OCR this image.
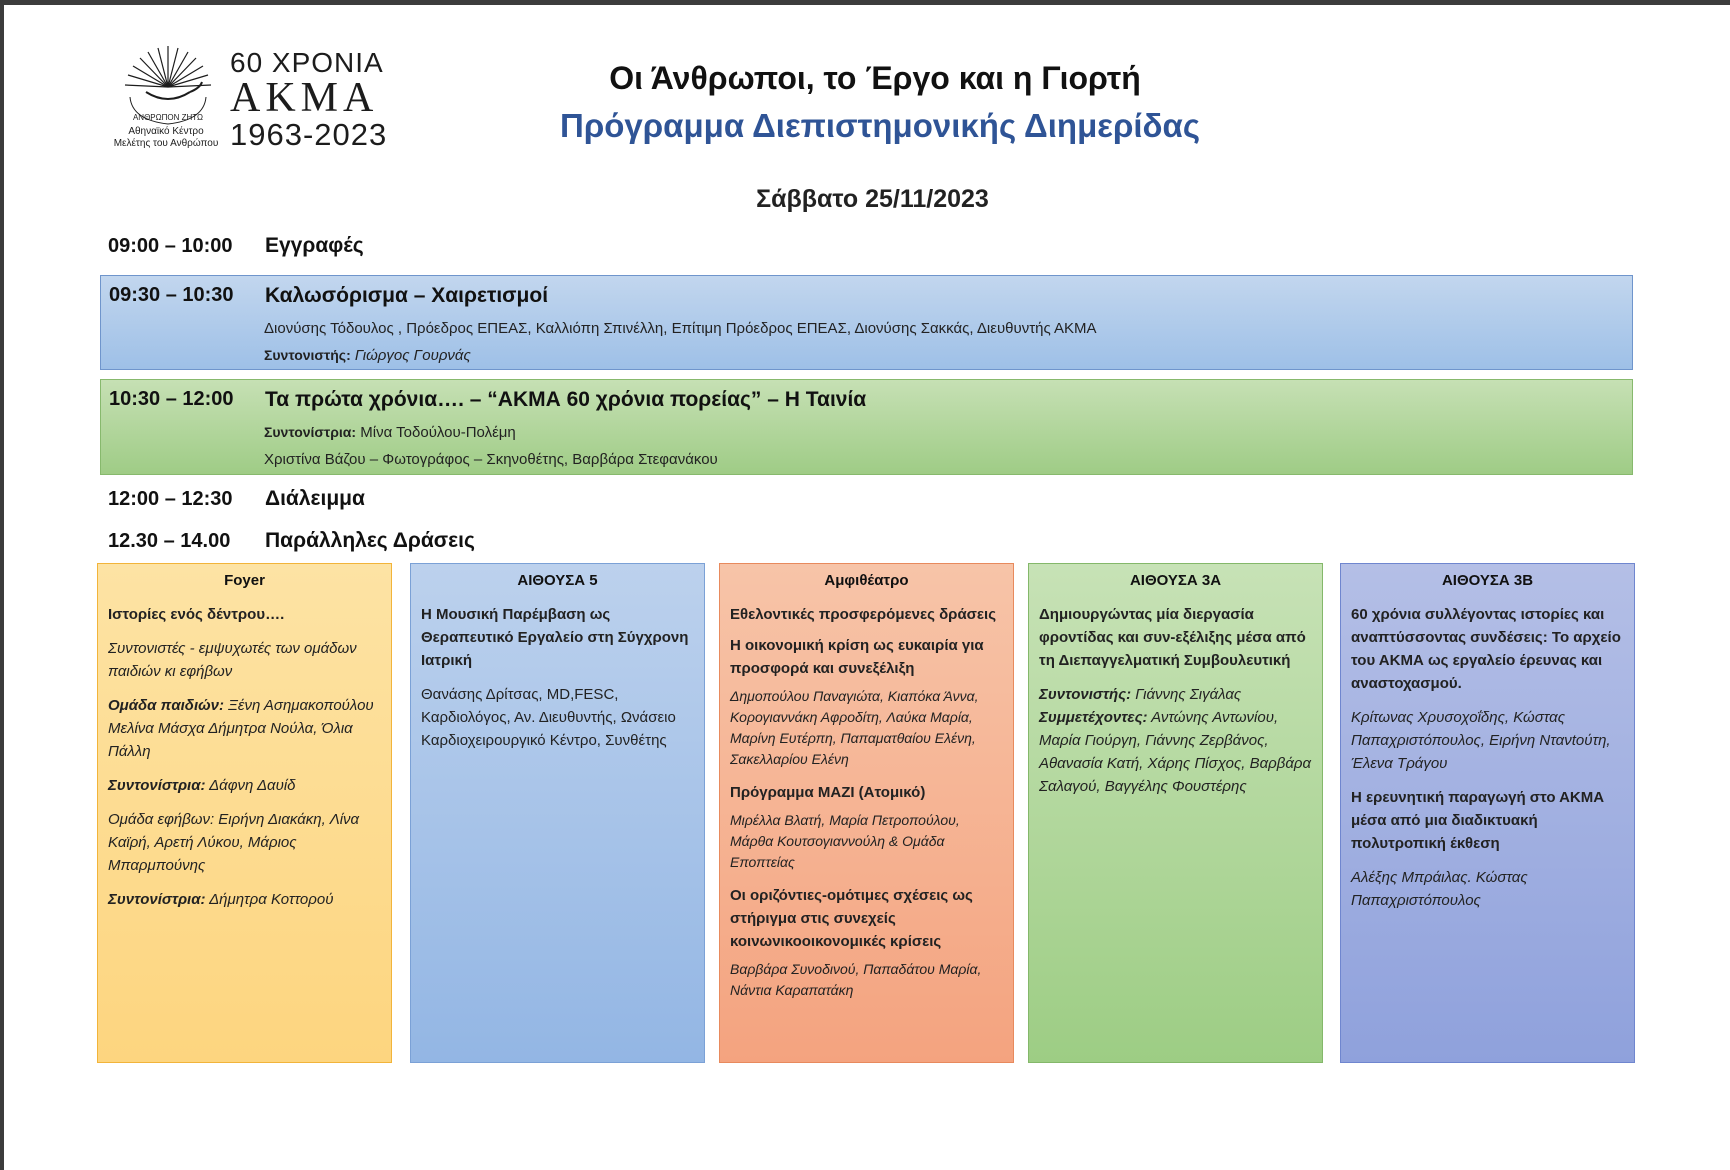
ΑΝΘΡΩΠΟΝ ΖΗΤΩ
Αθηναϊκό Κέντρο
Μελέτης του Ανθρώπου
60 ΧΡΟΝΙΑ
ΑΚΜΑ
1963-2023
Οι Άνθρωποι, το Έργο και η Γιορτή
Πρόγραμμα Διεπιστημονικής Διημερίδας
Σάββατο 25/11/2023
09:00 – 10:00 Εγγραφές
09:30 – 10:30 Καλωσόρισμα – Χαιρετισμοί
Διονύσης Τόδουλος , Πρόεδρος ΕΠΕΑΣ, Καλλιόπη Σπινέλλη, Επίτιμη Πρόεδρος ΕΠΕΑΣ, Διονύσης Σακκάς, Διευθυντής ΑΚΜΑ
Συντονιστής: Γιώργος Γουρνάς
10:30 – 12:00 Τα πρώτα χρόνια…. – “ΑΚΜΑ 60 χρόνια πορείας” – Η Ταινία
Συντονίστρια: Μίνα Τοδούλου-Πολέμη
Χριστίνα Βάζου – Φωτογράφος – Σκηνοθέτης, Βαρβάρα Στεφανάκου
12:00 – 12:30 Διάλειμμα
12.30 – 14.00 Παράλληλες Δράσεις
Foyer

Ιστορίες ενός δέντρου….

Συντονιστές - εμψυχωτές των ομάδων παιδιών κι εφήβων

Ομάδα παιδιών: Ξένη Ασημακοπούλου Μελίνα Μάσχα Δήμητρα Νούλα, Όλια Πάλλη

Συντονίστρια: Δάφνη Δαυίδ

Ομάδα εφήβων: Ειρήνη Διακάκη, Λίνα Καϊρή, Αρετή Λύκου, Μάριος Μπαρμπούνης

Συντονίστρια: Δήμητρα Κοττορού

ΑΙΘΟΥΣΑ 5

Η Μουσική Παρέμβαση ως Θεραπευτικό Εργαλείο στη Σύγχρονη Ιατρική

Θανάσης Δρίτσας, MD,FESC, Καρδιολόγος, Αν. Διευθυντής, Ωνάσειο Καρδιοχειρουργικό Κέντρο, Συνθέτης

Αμφιθέατρο

Εθελοντικές προσφερόμενες δράσεις

Η οικονομική κρίση ως ευκαιρία για προσφορά και συνεξέλιξη

Δημοπούλου Παναγιώτα, Κιαπόκα Άννα, Κορογιαννάκη Αφροδίτη, Λαύκα Μαρία, Μαρίνη Ευτέρπη, Παπαματθαίου Ελένη, Σακελλαρίου Ελένη

Πρόγραμμα ΜΑΖΙ (Ατομικό)

Μιρέλλα Βλατή, Μαρία Πετροπούλου, Μάρθα Κουτσογιαννούλη & Ομάδα Εποπτείας

Οι οριζόντιες-ομότιμες σχέσεις ως στήριγμα στις συνεχείς κοινωνικοοικονομικές κρίσεις

Βαρβάρα Συνοδινού, Παπαδάτου Μαρία, Νάντια Καραπατάκη

ΑΙΘΟΥΣΑ 3Α

Δημιουργώντας μία διεργασία φροντίδας και συν-εξέλιξης μέσα από τη Διεπαγγελματική Συμβουλευτική

Συντονιστής: Γιάννης Σιγάλας

Συμμετέχοντες: Αντώνης Αντωνίου, Μαρία Γιούργη, Γιάννης Ζερβάνος, Αθανασία Κατή, Χάρης Πίσχος, Βαρβάρα Σαλαγού, Βαγγέλης Φουστέρης

ΑΙΘΟΥΣΑ 3Β

60 χρόνια συλλέγοντας ιστορίες και αναπτύσσοντας συνδέσεις: Το αρχείο του ΑΚΜΑ ως εργαλείο έρευνας και αναστοχασμού.

Κρίτωνας Χρυσοχοΐδης, Κώστας Παπαχριστόπουλος, Ειρήνη Ντανtούτη, Έλενα Τράγου

Η ερευνητική παραγωγή στο ΑΚΜΑ μέσα από μια διαδικτυακή πολυτροπική έκθεση

Αλέξης Μπράιλας. Κώστας Παπαχριστόπουλος
